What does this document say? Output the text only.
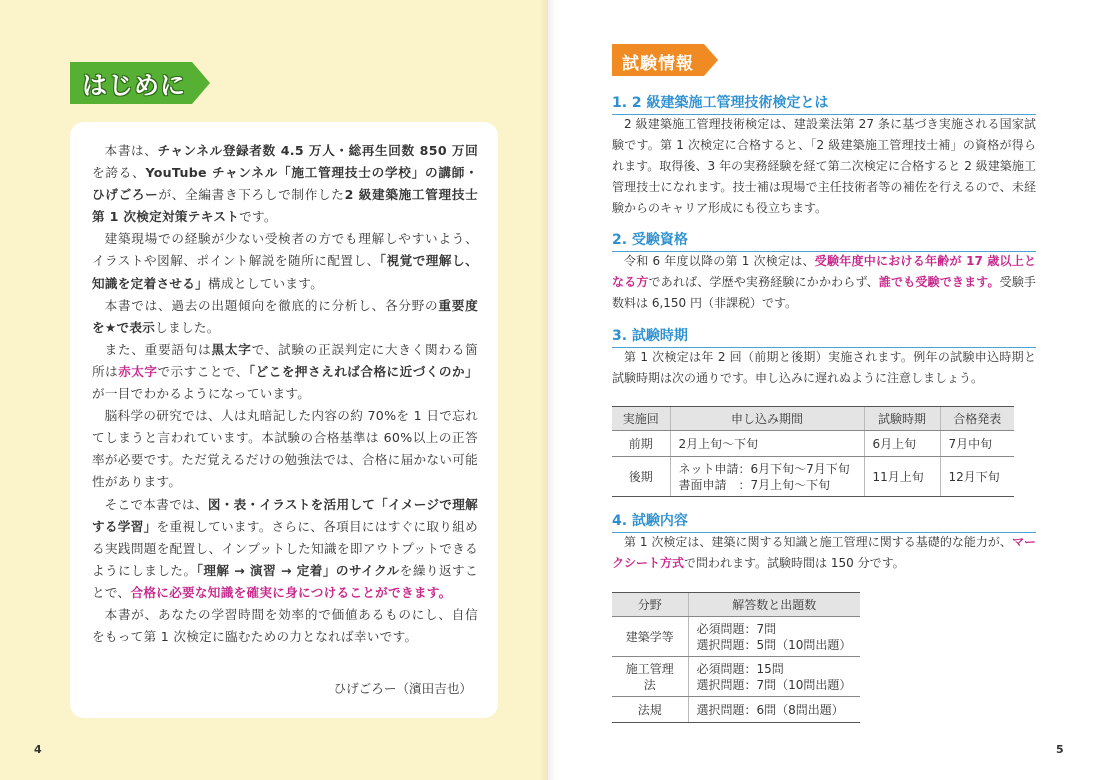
はじめに

本書は、チャンネル登録者数 4.5 万人・総再生回数 850 万回を誇る、YouTube チャンネル「施工管理技士の学校」の講師・ひげごろーが、全編書き下ろしで制作した2 級建築施工管理技士 第 1 次検定対策テキストです。

建築現場での経験が少ない受検者の方でも理解しやすいよう、イラストや図解、ポイント解説を随所に配置し、「視覚で理解し、知識を定着させる」構成としています。

本書では、過去の出題傾向を徹底的に分析し、各分野の重要度を★で表示しました。

また、重要語句は黒太字で、試験の正誤判定に大きく関わる箇所は赤太字で示すことで、「どこを押さえれば合格に近づくのか」が一目でわかるようになっています。

脳科学の研究では、人は丸暗記した内容の約 70%を 1 日で忘れてしまうと言われています。本試験の合格基準は 60%以上の正答率が必要です。ただ覚えるだけの勉強法では、合格に届かない可能性があります。

そこで本書では、図・表・イラストを活用して「イメージで理解する学習」を重視しています。さらに、各項目にはすぐに取り組める実践問題を配置し、インプットした知識を即アウトプットできるようにしました。「理解 → 演習 → 定着」のサイクルを繰り返すことで、合格に必要な知識を確実に身につけることができます。

本書が、あなたの学習時間を効率的で価値あるものにし、自信をもって第 1 次検定に臨むための力となれば幸いです。

ひげごろー（濱田吉也）
4
試験情報
1. 2 級建築施工管理技術検定とは

2 級建築施工管理技術検定は、建設業法第 27 条に基づき実施される国家試験です。第 1 次検定に合格すると、「2 級建築施工管理技士補」の資格が得られます。取得後、3 年の実務経験を経て第二次検定に合格すると 2 級建築施工管理技士になれます。技士補は現場で主任技術者等の補佐を行えるので、未経験からのキャリア形成にも役立ちます。

2. 受験資格

令和 6 年度以降の第 1 次検定は、受験年度中における年齢が 17 歳以上となる方であれば、学歴や実務経験にかかわらず、誰でも受験できます。受験手数料は 6,150 円（非課税）です。

3. 試験時期

第 1 次検定は年 2 回（前期と後期）実施されます。例年の試験申込時期と試験時期は次の通りです。申し込みに遅れぬように注意しましょう。

実施回	申し込み期間	試験時期	合格発表
前期	2月上旬～下旬	6月上旬	7月中旬
後期	ネット申請：6月下旬～7月下旬
書面申請　：7月上旬～下旬	11月上旬	12月下旬
4. 試験内容

第 1 次検定は、建築に関する知識と施工管理に関する基礎的な能力が、マークシート方式で問われます。試験時間は 150 分です。

分野	解答数と出題数
建築学等	必須問題：7問
選択問題：5問（10問出題）

施工管理法	必須問題：15問
選択問題：7問（10問出題）

法規	選択問題：6問（8問出題）
5
